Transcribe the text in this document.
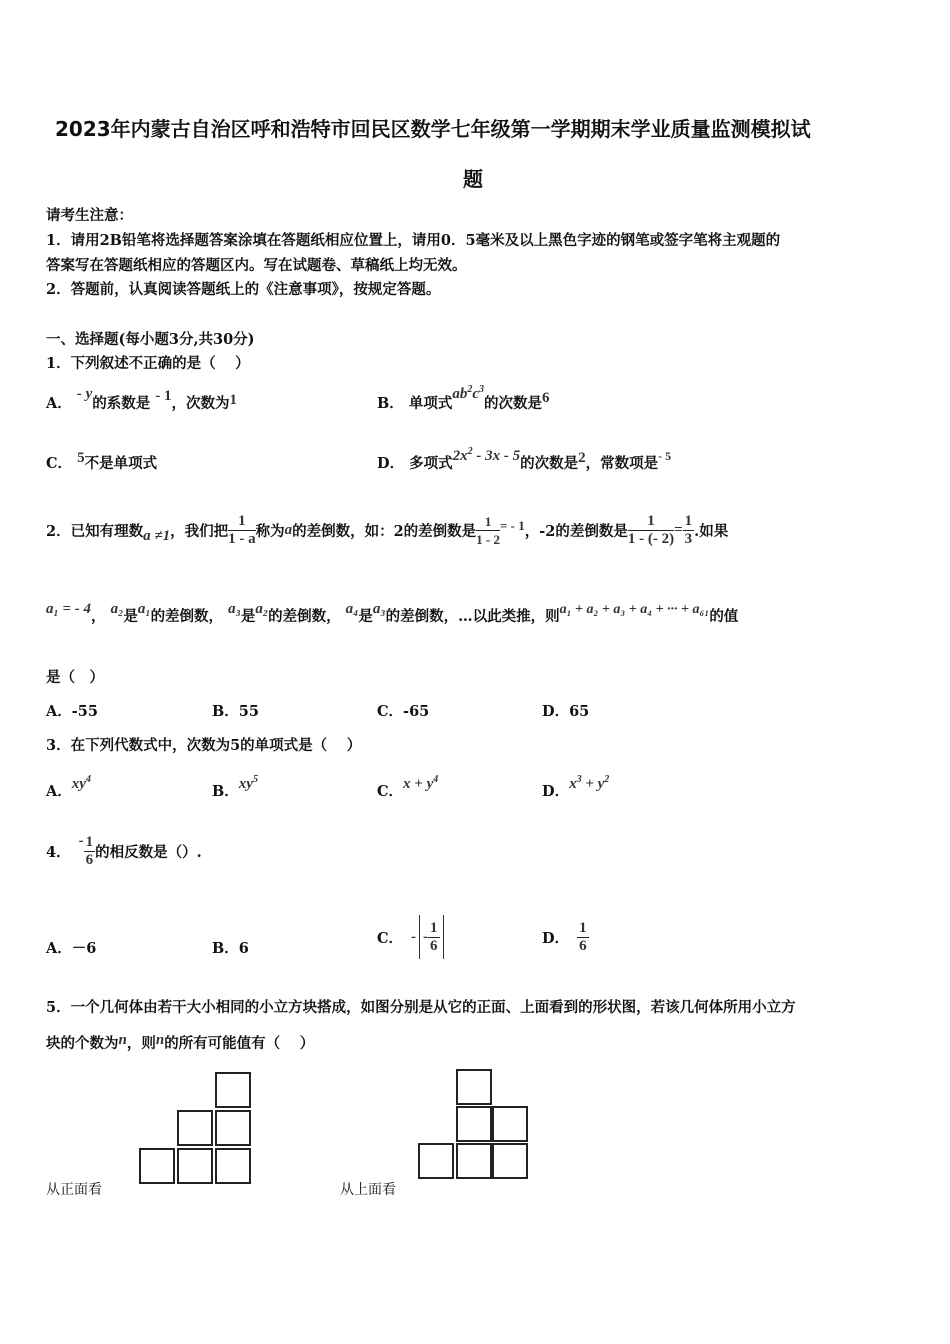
2023年内蒙古自治区呼和浩特市回民区数学七年级第一学期期末学业质量监测模拟试
题
请考生注意：
1．请用2B铅笔将选择题答案涂填在答题纸相应位置上，请用0．5毫米及以上黑色字迹的钢笔或签字笔将主观题的
答案写在答题纸相应的答题区内。写在试题卷、草稿纸上均无效。
2．答题前，认真阅读答题纸上的《注意事项》，按规定答题。
一、选择题(每小题3分,共30分)
1．下列叙述不正确的是（　 ）
A． - y的系数是 - 1，次数为1	B． 单项式$ab^2c^3$的次数是6
C． 5不是单项式	D． 多项式$2x^2 - 3x - 5$的次数是2，常数项是$^{- 5}$
2．已知有理数 a ≠1 ，我们把 $\frac{1}{1 - a}$ 称为 a 的差倒数，如：2的差倒数是 $\frac{1}{1 - 2}$ = - 1 ，-2的差倒数是 $\frac{1}{1 - (- 2)} = \frac{1}{3}$ .如果
a₁ = - 4， a₂是a₁的差倒数， a₃是a₂的差倒数， a₄是a₃的差倒数，…以此类推，则a₁ + a₂ + a₃ + a₄ + ··· + a₆₁的值
是（　）
A．-55	B．55	C．-65	D．65
3．在下列代数式中，次数为5的单项式是（　 ）
A．$xy^4$
B．$xy^5$
C．$x + y^4$
D．$x^3 + y^2$
4．
- $\frac{1}{6}$ 的相反数是（）.
A．－6	B．6
C． - - $\frac{1}{6}$	D． $\frac{1}{6}$
5．一个几何体由若干大小相同的小立方块搭成，如图分别是从它的正面、上面看到的形状图，若该几何体所用小立方
块的个数为n，则n的所有可能值有（　 ）
从正面看	从上面看
